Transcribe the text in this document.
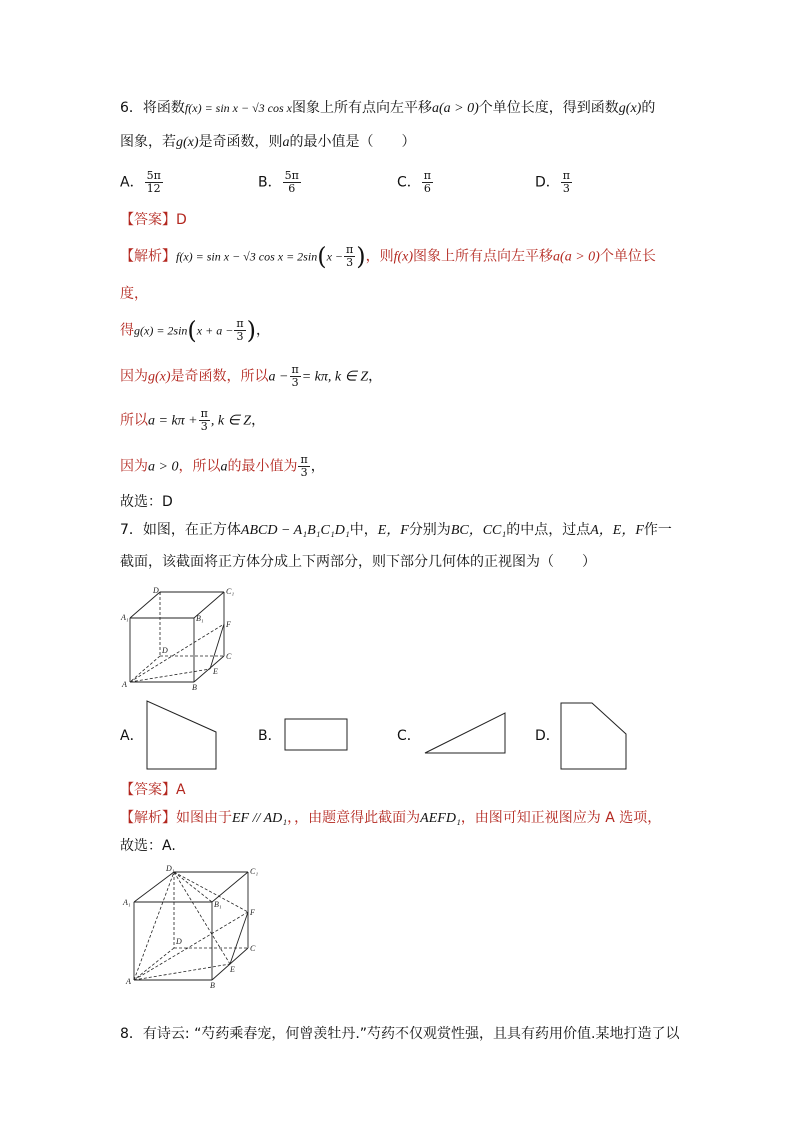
6．将函数f(x) = sin x − √3 cos x图象上所有点向左平移a(a > 0)个单位长度，得到函数g(x)的
图象，若g(x)是奇函数，则a的最小值是（　　）
A． $\frac{5\pi}{12}$	B． $\frac{5\pi}{6}$	C． $\frac{\pi}{6}$	D． $\frac{\pi}{3}$
【答案】D
【解析】f(x) = sin x − √3 $\cos x = 2\sin(x - \frac{\pi}{3}$ )，则f(x)图象上所有点向左平移a(a > 0)个单位长
度，
得$g(x) = 2\sin(x + a - \frac{\pi}{3}$ )，
因为g(x)是奇函数，所以$a - \frac{\pi}{3} = k\pi$, k ∈ Z，
所以$a = k\pi + \frac{\pi}{3}$ , k ∈ Z，
因为a > 0，所以a的最小值为 $\frac{\pi}{3}$ ，
故选：D
7．如图，在正方体ABCD − A₁B₁C₁D₁中，E，F分别为BC，CC₁的中点，过点A，E，F作一
截面，该截面将正方体分成上下两部分，则下部分几何体的正视图为（　　）
A₁
D₁	C₁
B₁
F
C
D
E
A	B
A．	B．	C．	D．
【答案】A
【解析】如图由于EF // AD₁，，由题意得此截面为AEFD₁，由图可知正视图应为 A 选项，
故选：A.
A₁
D₁	C₁
B₁
F
C
D
E
A	B
8．有诗云: “芍药乘春宠，何曾羡牡丹.”芍药不仅观赏性强，且具有药用价值.某地打造了以
